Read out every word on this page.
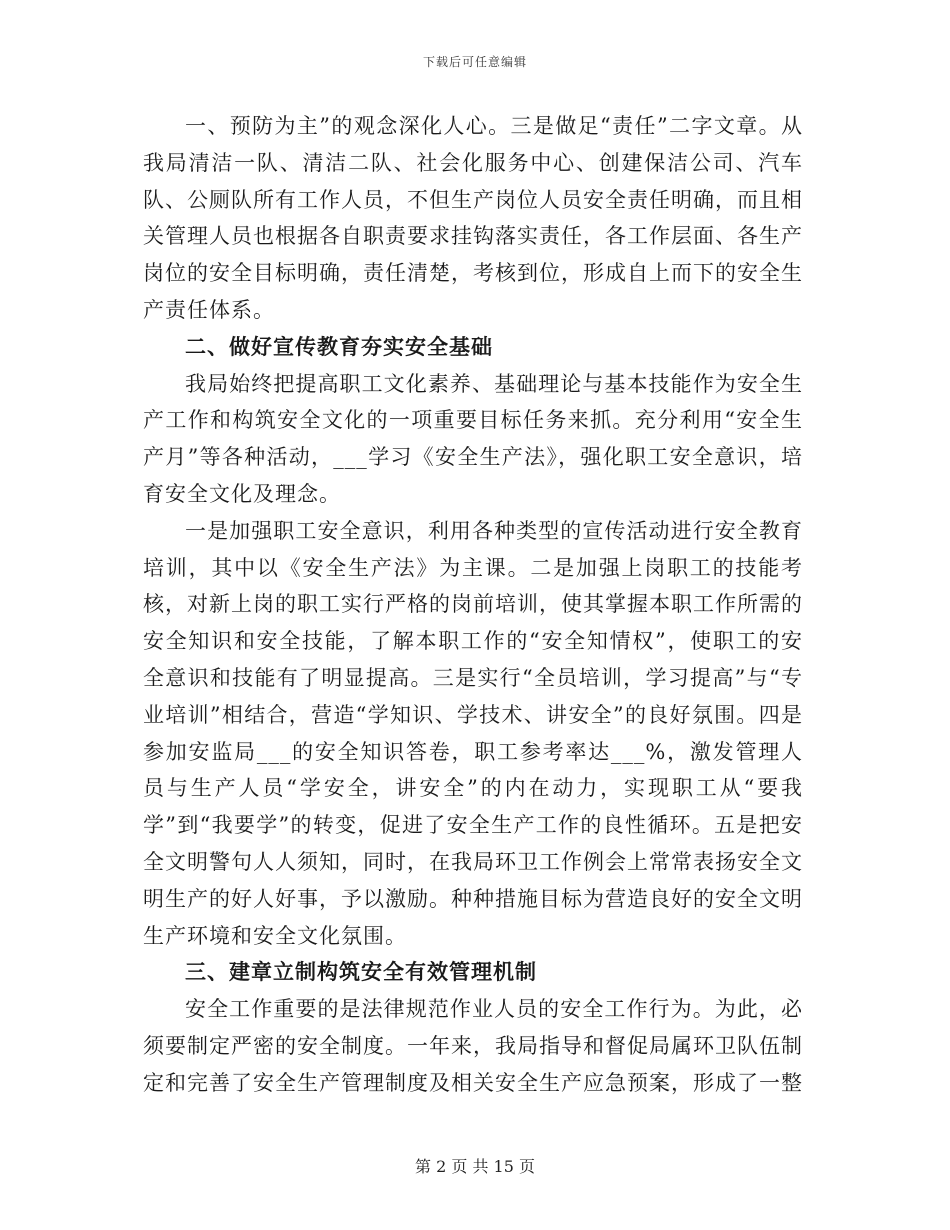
下载后可任意编辑

一、预防为主”的观念深化人心。三是做足“责任”二字文章。从我局清洁一队、清洁二队、社会化服务中心、创建保洁公司、汽车队、公厕队所有工作人员，不但生产岗位人员安全责任明确，而且相关管理人员也根据各自职责要求挂钩落实责任，各工作层面、各生产岗位的安全目标明确，责任清楚，考核到位，形成自上而下的安全生产责任体系。

二、做好宣传教育夯实安全基础

我局始终把提高职工文化素养、基础理论与基本技能作为安全生产工作和构筑安全文化的一项重要目标任务来抓。充分利用“安全生产月”等各种活动，___学习《安全生产法》，强化职工安全意识，培育安全文化及理念。

一是加强职工安全意识，利用各种类型的宣传活动进行安全教育培训，其中以《安全生产法》为主课。二是加强上岗职工的技能考核，对新上岗的职工实行严格的岗前培训，使其掌握本职工作所需的安全知识和安全技能，了解本职工作的“安全知情权”，使职工的安全意识和技能有了明显提高。三是实行“全员培训，学习提高”与“专业培训”相结合，营造“学知识、学技术、讲安全”的良好氛围。四是参加安监局___的安全知识答卷，职工参考率达___%，激发管理人员与生产人员“学安全，讲安全”的内在动力，实现职工从“要我学”到“我要学”的转变，促进了安全生产工作的良性循环。五是把安全文明警句人人须知，同时，在我局环卫工作例会上常常表扬安全文明生产的好人好事，予以激励。种种措施目标为营造良好的安全文明生产环境和安全文化氛围。

三、建章立制构筑安全有效管理机制

安全工作重要的是法律规范作业人员的安全工作行为。为此，必须要制定严密的安全制度。一年来，我局指导和督促局属环卫队伍制定和完善了安全生产管理制度及相关安全生产应急预案，形成了一整

第 2 页 共 15 页
